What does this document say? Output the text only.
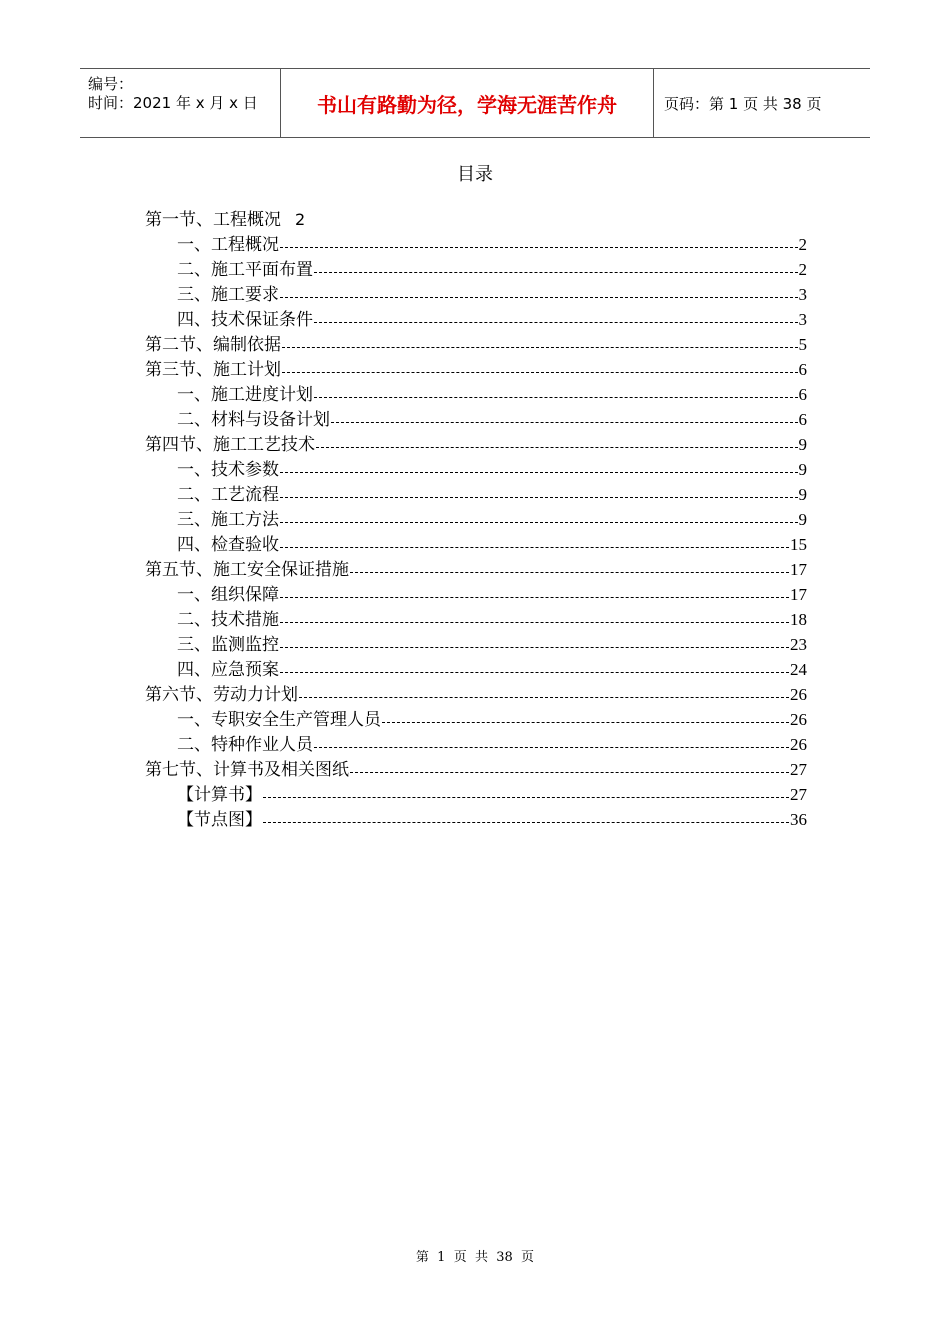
编号：
时间：2021 年 x 月 x 日	书山有路勤为径，学海无涯苦作舟	页码：第 1 页 共 38 页
目录
第一节、工程概况 2
一、工程概况	2
二、施工平面布置	2
三、施工要求	3
四、技术保证条件	3
第二节、编制依据	5
第三节、施工计划	6
一、施工进度计划	6
二、材料与设备计划	6
第四节、施工工艺技术	9
一、技术参数	9
二、工艺流程	9
三、施工方法	9
四、检查验收	15
第五节、施工安全保证措施	17
一、组织保障	17
二、技术措施	18
三、监测监控	23
四、应急预案	24
第六节、劳动力计划	26
一、专职安全生产管理人员	26
二、特种作业人员	26
第七节、计算书及相关图纸	27
【计算书】	27
【节点图】	36
第  1  页  共  38  页
